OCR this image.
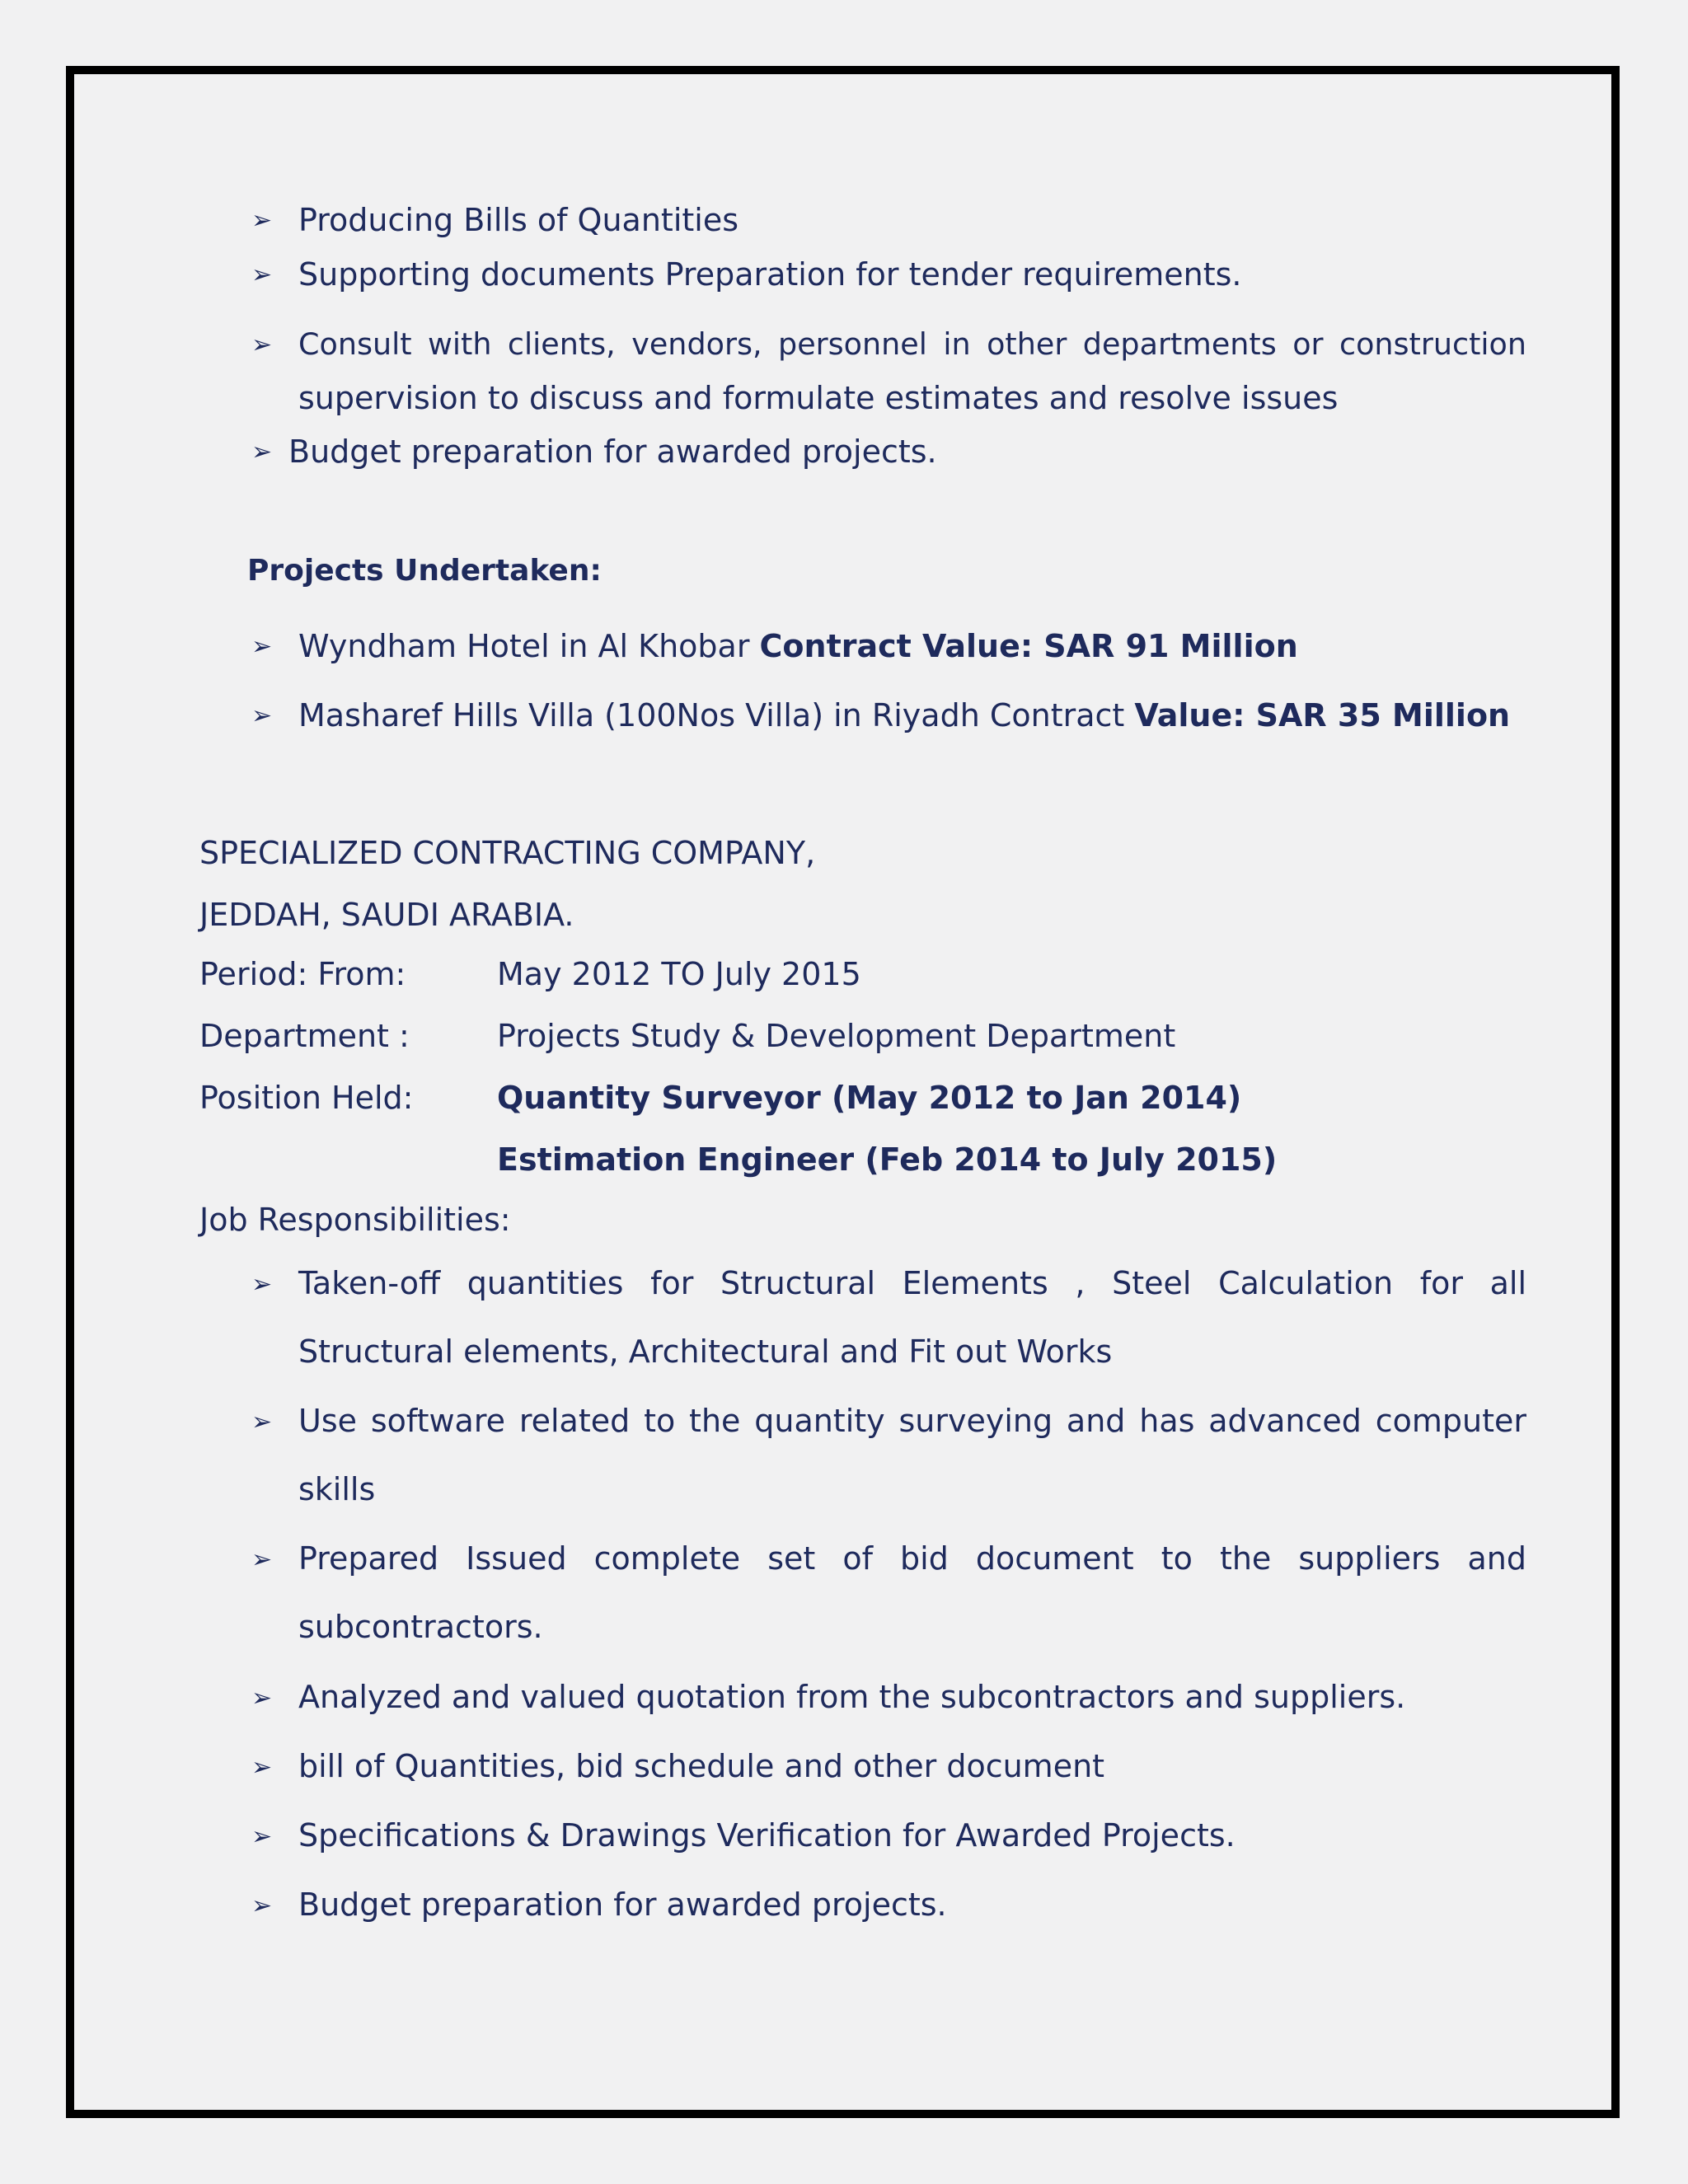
➢ Producing Bills of Quantities
➢ Supporting documents Preparation for tender requirements.
➢ Consult with clients, vendors, personnel in other departments or construction
supervision to discuss and formulate estimates and resolve issues
➢ Budget preparation for awarded projects.
Projects Undertaken:
➢ Wyndham Hotel in Al Khobar Contract Value: SAR 91 Million
➢ Masharef Hills Villa (100Nos Villa) in Riyadh Contract Value: SAR 35 Million
SPECIALIZED CONTRACTING COMPANY,
JEDDAH, SAUDI ARABIA.
Period: From:	May 2012 TO July 2015
Department :	Projects Study & Development Department
Position Held:	Quantity Surveyor (May 2012 to Jan 2014)
Estimation Engineer (Feb 2014 to July 2015)
Job Responsibilities:
➢ Taken-off quantities for Structural Elements , Steel Calculation for all
Structural elements, Architectural and Fit out Works
➢ Use software related to the quantity surveying and has advanced computer
skills
➢ Prepared Issued complete set of bid document to the suppliers and
subcontractors.
➢ Analyzed and valued quotation from the subcontractors and suppliers.
➢ bill of Quantities, bid schedule and other document
➢ Specifications & Drawings Verification for Awarded Projects.
➢ Budget preparation for awarded projects.
